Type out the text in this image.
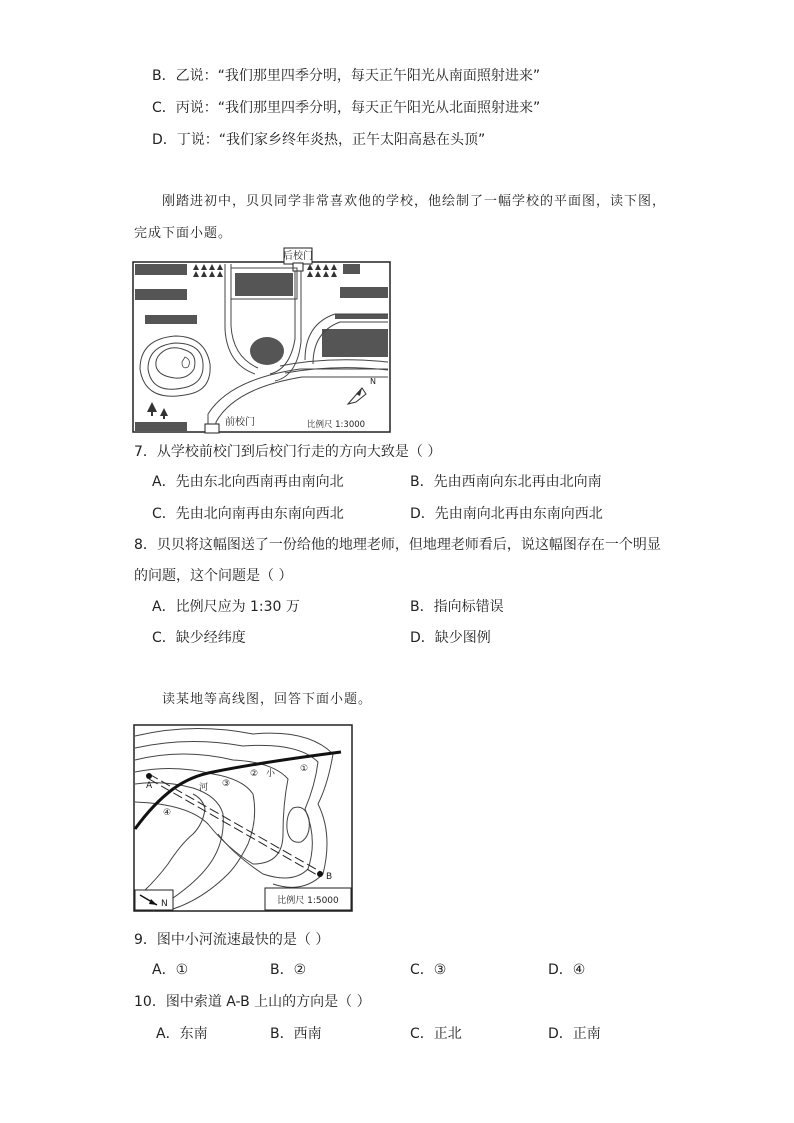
B．乙说：“我们那里四季分明，每天正午阳光从南面照射进来”
C．丙说：“我们那里四季分明，每天正午阳光从北面照射进来”
D．丁说：“我们家乡终年炎热，正午太阳高悬在头顶”
刚踏进初中，贝贝同学非常喜欢他的学校，他绘制了一幅学校的平面图，读下图，
完成下面小题。
后校门
前校门	比例尺 1:3000
N
7．从学校前校门到后校门行走的方向大致是（ ）
A．先由东北向西南再由南向北	B．先由西南向东北再由北向南
C．先由北向南再由东南向西北	D．先由南向北再由东南向西北
8．贝贝将这幅图送了一份给他的地理老师，但地理老师看后，说这幅图存在一个明显
的问题，这个问题是（ ）
A．比例尺应为 1:30 万	B．指向标错误
C．缺少经纬度	D．缺少图例
读某地等高线图，回答下面小题。
A
B
①
②
③
④
小
河
比例尺 1:5000
N
9．图中小河流速最快的是（ ）
A．①	B．②	C．③	D．④
10．图中索道 A-B 上山的方向是（ ）
A．东南	B．西南	C．正北	D．正南
